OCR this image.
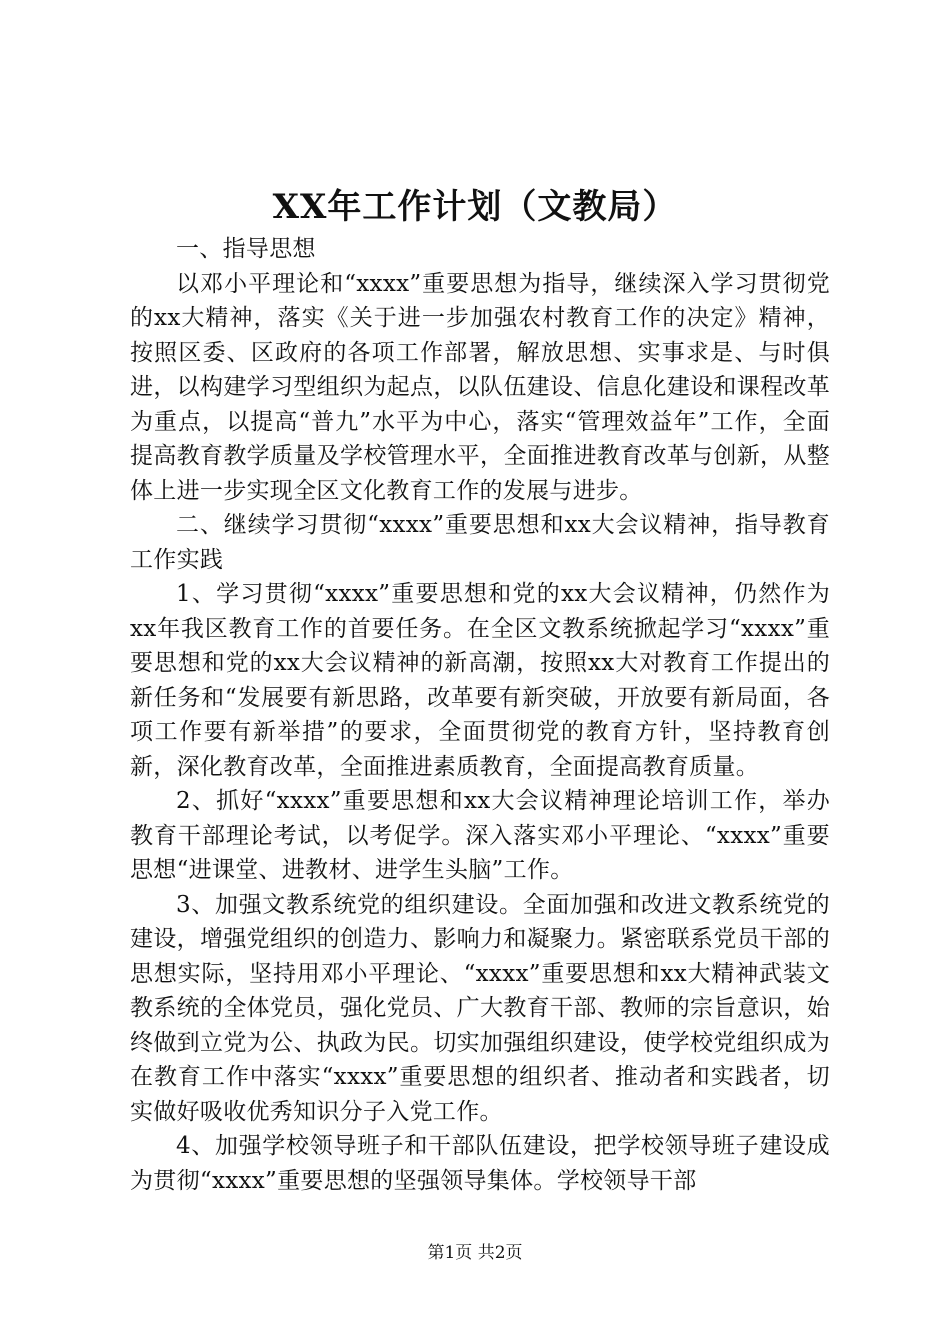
XX年工作计划（文教局）

一、指导思想

以邓小平理论和“xxxx”重要思想为指导，继续深入学习贯彻党的xx大精神，落实《关于进一步加强农村教育工作的决定》精神，按照区委、区政府的各项工作部署，解放思想、实事求是、与时俱进，以构建学习型组织为起点，以队伍建设、信息化建设和课程改革为重点，以提高“普九”水平为中心，落实“管理效益年”工作，全面提高教育教学质量及学校管理水平，全面推进教育改革与创新，从整体上进一步实现全区文化教育工作的发展与进步。

二、继续学习贯彻“xxxx”重要思想和xx大会议精神，指导教育工作实践

1、学习贯彻“xxxx”重要思想和党的xx大会议精神，仍然作为xx年我区教育工作的首要任务。在全区文教系统掀起学习“xxxx”重要思想和党的xx大会议精神的新高潮，按照xx大对教育工作提出的新任务和“发展要有新思路，改革要有新突破，开放要有新局面，各项工作要有新举措”的要求，全面贯彻党的教育方针，坚持教育创新，深化教育改革，全面推进素质教育，全面提高教育质量。

2、抓好“xxxx”重要思想和xx大会议精神理论培训工作，举办教育干部理论考试，以考促学。深入落实邓小平理论、“xxxx”重要思想“进课堂、进教材、进学生头脑”工作。

3、加强文教系统党的组织建设。全面加强和改进文教系统党的建设，增强党组织的创造力、影响力和凝聚力。紧密联系党员干部的思想实际，坚持用邓小平理论、“xxxx”重要思想和xx大精神武装文教系统的全体党员，强化党员、广大教育干部、教师的宗旨意识，始终做到立党为公、执政为民。切实加强组织建设，使学校党组织成为在教育工作中落实“xxxx”重要思想的组织者、推动者和实践者，切实做好吸收优秀知识分子入党工作。

4、加强学校领导班子和干部队伍建设，把学校领导班子建设成为贯彻“xxxx”重要思想的坚强领导集体。学校领导干部

第1页 共2页
